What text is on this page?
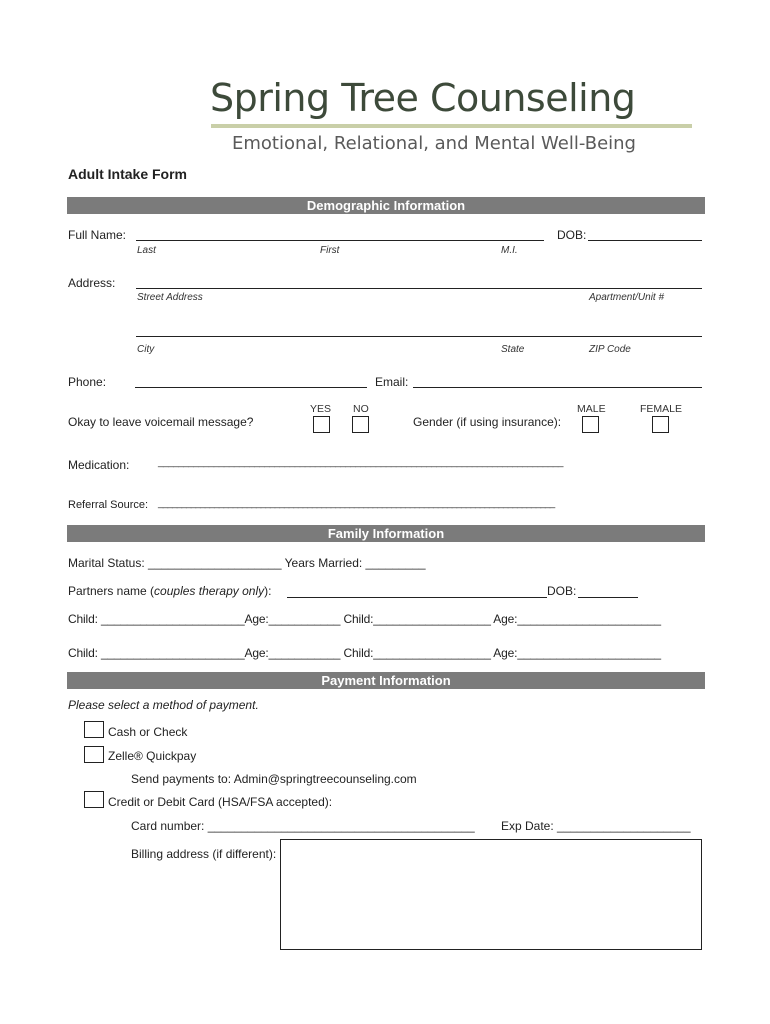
Spring Tree Counseling
Emotional, Relational, and Mental Well-Being
Adult Intake Form
Demographic Information
Full Name:	DOB:
Last	First	M.I.
Address:
Street Address	Apartment/Unit #
City	State	ZIP Code
Phone:	Email:
YES NO	MALE	FEMALE
Okay to leave voicemail message?	Gender (if using insurance):
Medication:	________________________________________________________________________________
Referral Source: _____________________________________________________________________________________
Family Information
Marital Status: ____________________ Years Married: _________
Partners name (couples therapy only):	DOB:
Child: ______________________Age:___________ Child:__________________ Age:______________________
Child: ______________________Age:___________ Child:__________________ Age:______________________
Payment Information
Please select a method of payment.
Cash or Check
Zelle® Quickpay
Send payments to: Admin@springtreecounseling.com
Credit or Debit Card (HSA/FSA accepted):
Card number: ________________________________________ Exp Date: ____________________
Billing address (if different):
